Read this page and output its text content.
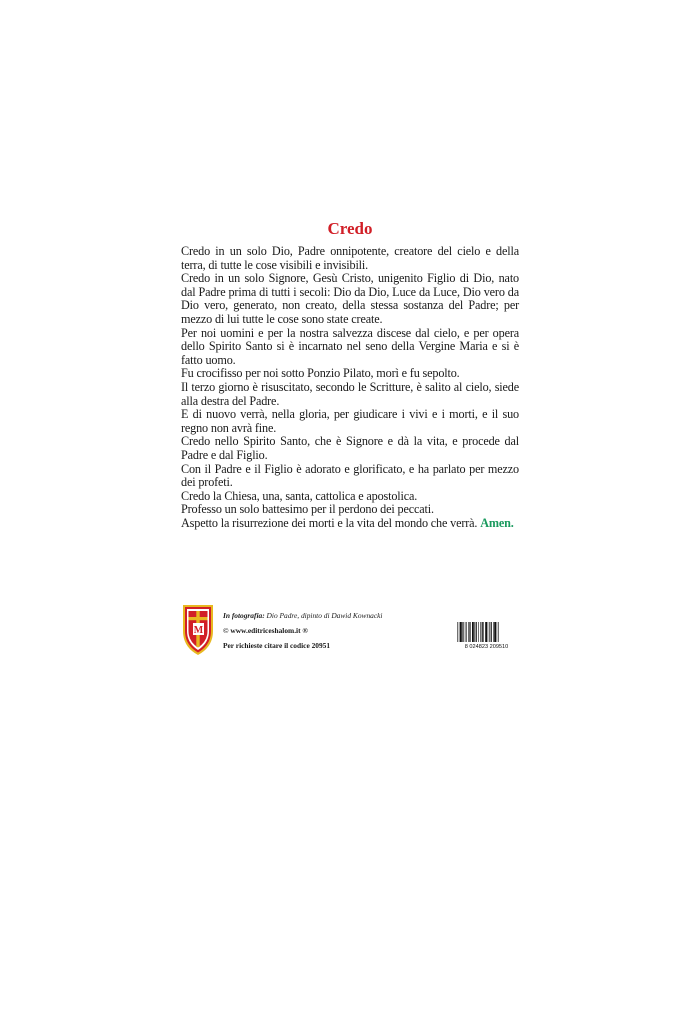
Credo

Credo in un solo Dio, Padre onnipotente, creatore del cielo e della terra, di tutte le cose visibili e invisibili.

Credo in un solo Signore, Gesù Cristo, unigenito Figlio di Dio, nato dal Padre prima di tutti i secoli: Dio da Dio, Luce da Luce, Dio vero da Dio vero, generato, non creato, della stessa sostanza del Padre; per mezzo di lui tutte le cose sono state create.

Per noi uomini e per la nostra salvezza discese dal cielo, e per opera dello Spirito Santo si è incarnato nel seno della Vergine Maria e si è fatto uomo.

Fu crocifisso per noi sotto Ponzio Pilato, morì e fu sepolto.

Il terzo giorno è risuscitato, secondo le Scritture, è salito al cielo, siede alla destra del Padre.

E di nuovo verrà, nella gloria, per giudicare i vivi e i morti, e il suo regno non avrà fine.

Credo nello Spirito Santo, che è Signore e dà la vita, e procede dal Padre e dal Figlio.

Con il Padre e il Figlio è adorato e glorificato, e ha parlato per mezzo dei profeti.

Credo la Chiesa, una, santa, cattolica e apostolica.

Professo un solo battesimo per il perdono dei peccati.

Aspetto la risurrezione dei morti e la vita del mondo che verrà. Amen.

M
In fotografia: Dio Padre, dipinto di Dawid Kownacki
© www.editriceshalom.it ®
Per richieste citare il codice 20951	8 024823 209510
